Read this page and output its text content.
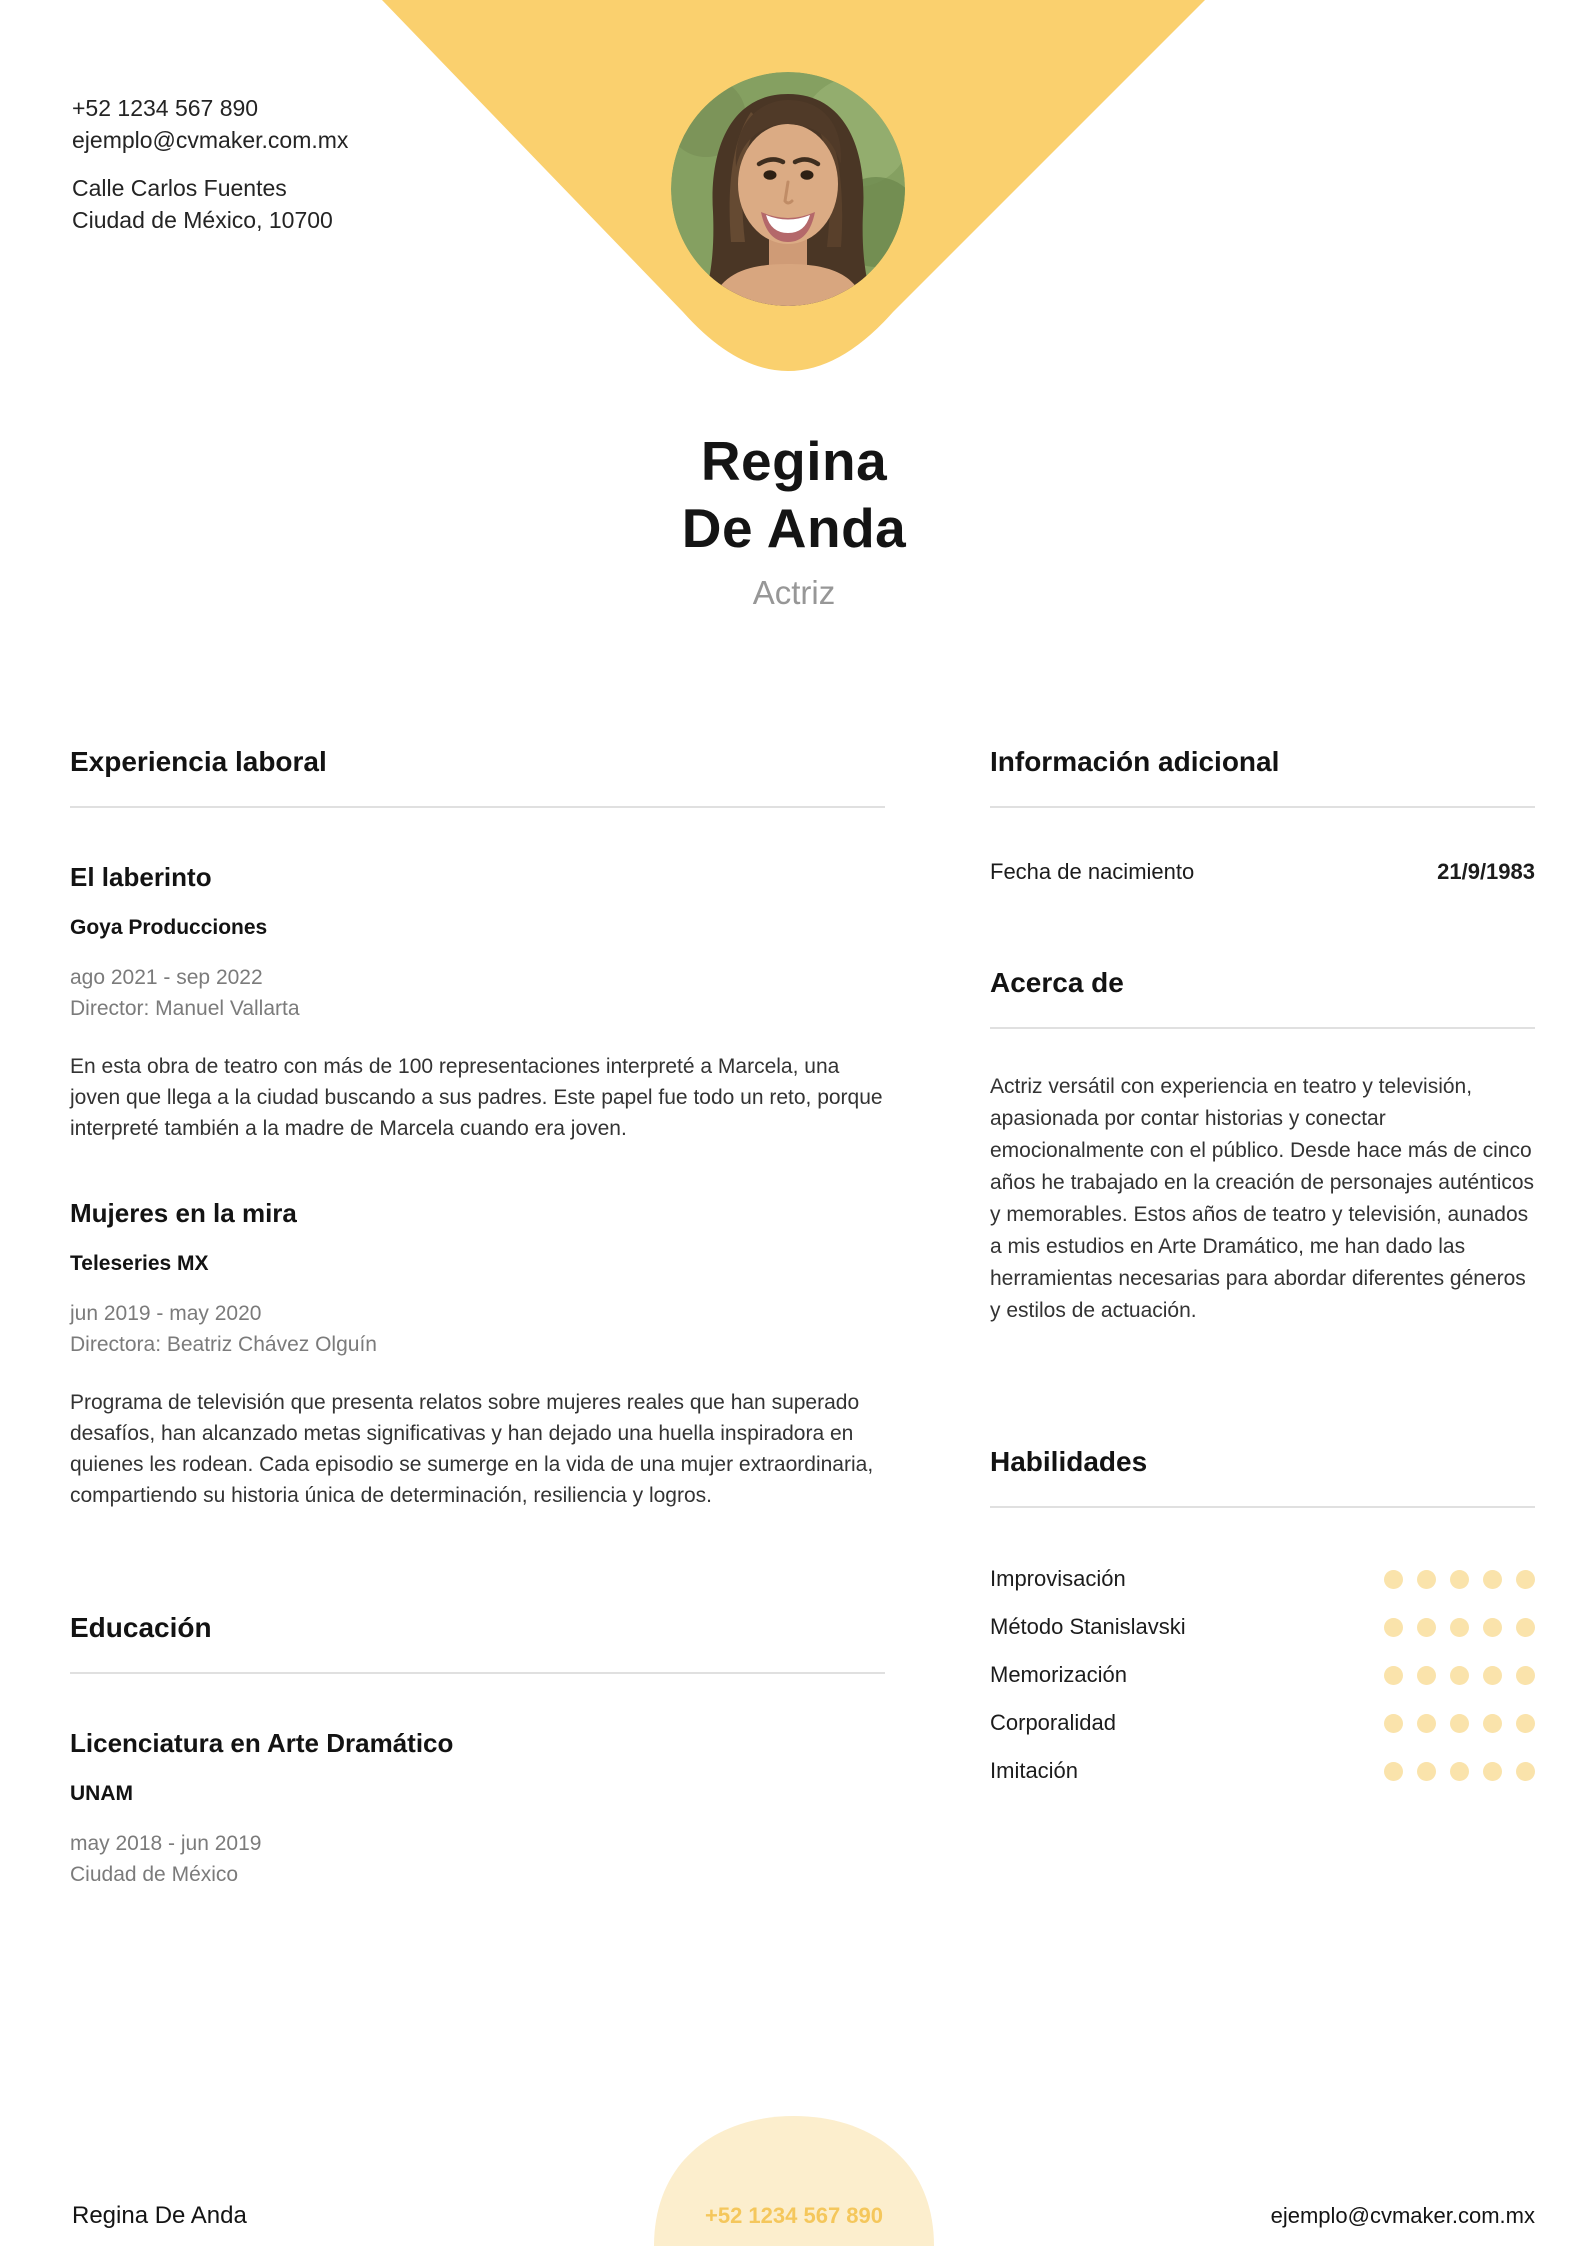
+52 1234 567 890
ejemplo@cvmaker.com.mx
Calle Carlos Fuentes
Ciudad de México, 10700
Regina
De Anda
Actriz
Experiencia laboral
El laberinto
Goya Producciones
ago 2021 - sep 2022
Director: Manuel Vallarta

En esta obra de teatro con más de 100 representaciones interpreté a Marcela, una joven que llega a la ciudad buscando a sus padres. Este papel fue todo un reto, porque interpreté también a la madre de Marcela cuando era joven.

Mujeres en la mira
Teleseries MX
jun 2019 - may 2020
Directora: Beatriz Chávez Olguín

Programa de televisión que presenta relatos sobre mujeres reales que han superado desafíos, han alcanzado metas significativas y han dejado una huella inspiradora en quienes les rodean. Cada episodio se sumerge en la vida de una mujer extraordinaria, compartiendo su historia única de determinación, resiliencia y logros.

Educación
Licenciatura en Arte Dramático
UNAM
may 2018 - jun 2019
Ciudad de México
Información adicional
Fecha de nacimiento	21/9/1983
Acerca de

Actriz versátil con experiencia en teatro y televisión, apasionada por contar historias y conectar emocionalmente con el público. Desde hace más de cinco años he trabajado en la creación de personajes auténticos y memorables. Estos años de teatro y televisión, aunados a mis estudios en Arte Dramático, me han dado las herramientas necesarias para abordar diferentes géneros y estilos de actuación.

Habilidades
Improvisación
Método Stanislavski
Memorización
Corporalidad
Imitación
Regina De Anda	+52 1234 567 890	ejemplo@cvmaker.com.mx
